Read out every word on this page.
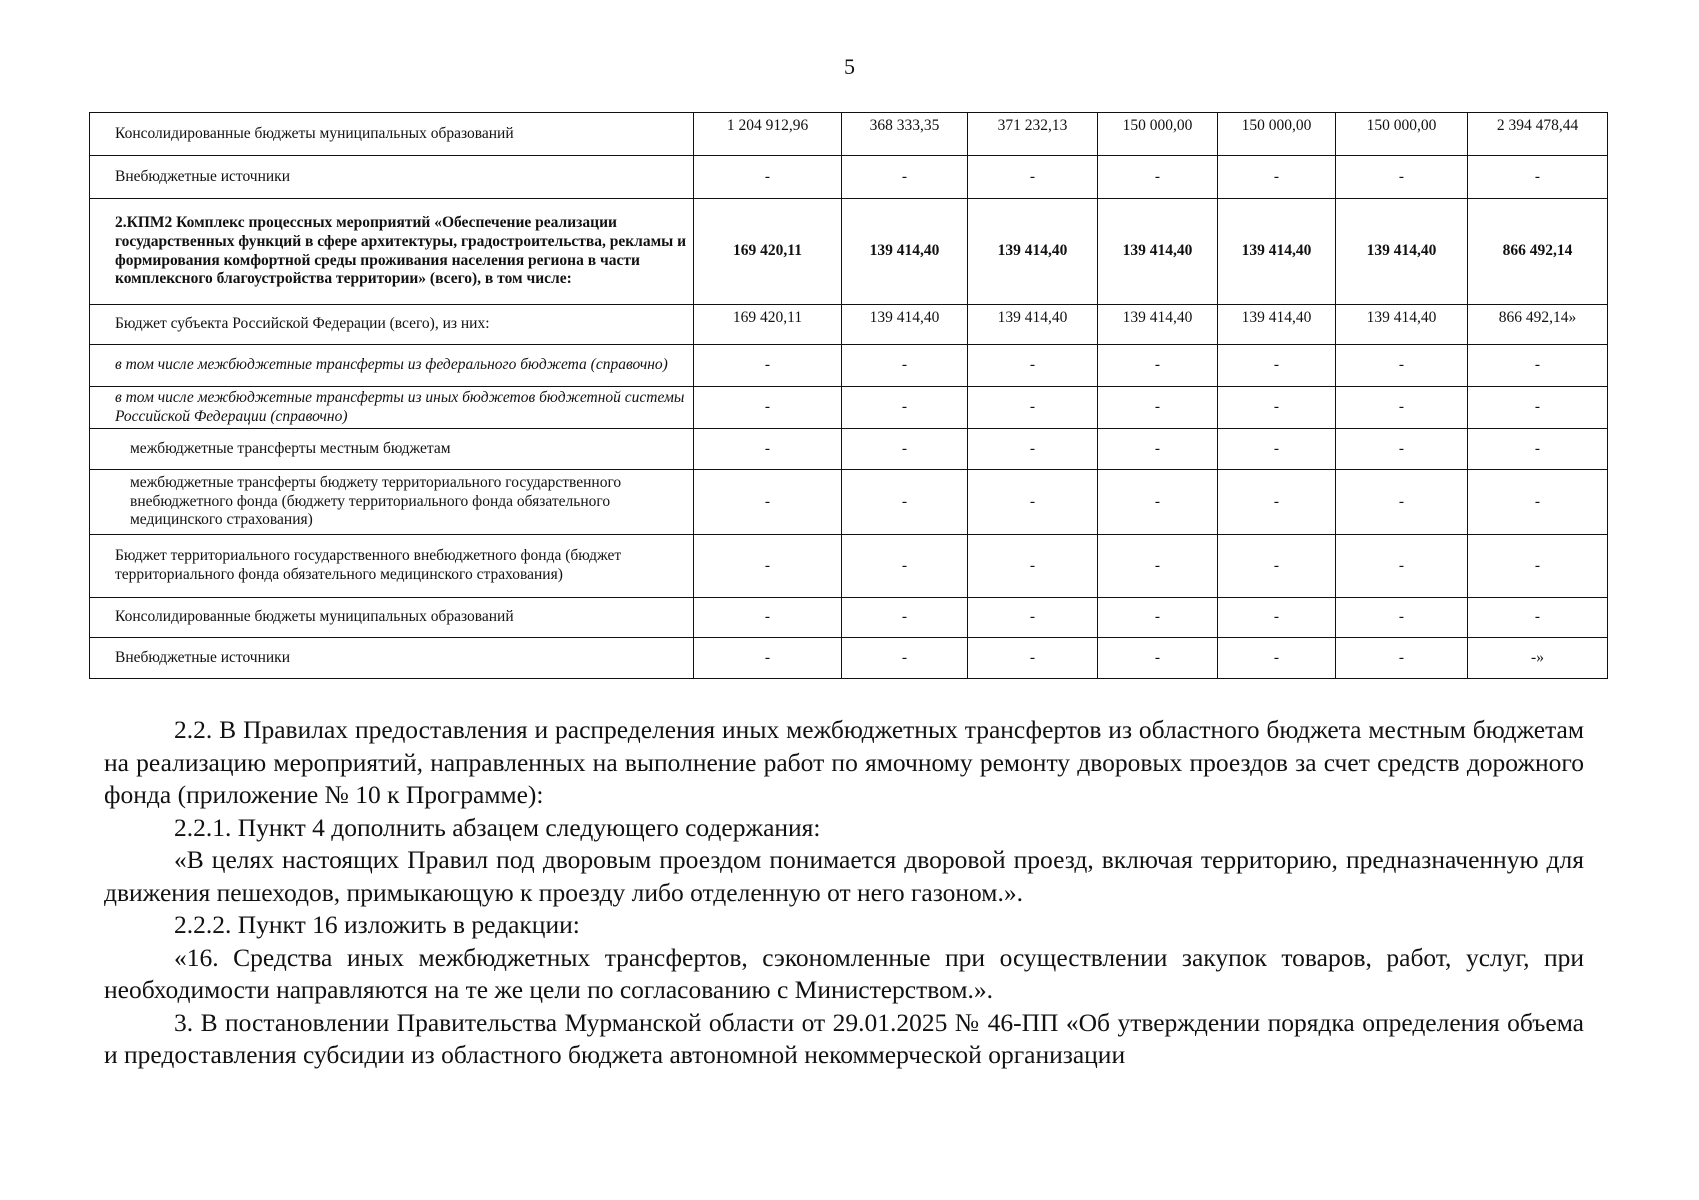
5
Консолидированные бюджеты муниципальных образований	1 204 912,96	368 333,35	371 232,13	150 000,00	150 000,00	150 000,00	2 394 478,44
Внебюджетные источники	-	-	-	-	-	-	-
2.КПМ2 Комплекс процессных мероприятий «Обеспечение реализации государственных функций в сфере архитектуры, градостроительства, рекламы и формирования комфортной среды проживания населения региона в части комплексного благоустройства территории» (всего), в том числе:	169 420,11	139 414,40	139 414,40	139 414,40	139 414,40	139 414,40	866 492,14
Бюджет субъекта Российской Федерации (всего), из них:	169 420,11	139 414,40	139 414,40	139 414,40	139 414,40	139 414,40	866 492,14»
в том числе межбюджетные трансферты из федерального бюджета (справочно)	-	-	-	-	-	-	-
в том числе межбюджетные трансферты из иных бюджетов бюджетной системы Российской Федерации (справочно)	-	-	-	-	-	-	-
межбюджетные трансферты местным бюджетам	-	-	-	-	-	-	-
межбюджетные трансферты бюджету территориального государственного внебюджетного фонда (бюджету территориального фонда обязательного медицинского страхования)	-	-	-	-	-	-	-
Бюджет территориального государственного внебюджетного фонда (бюджет территориального фонда обязательного медицинского страхования)	-	-	-	-	-	-	-
Консолидированные бюджеты муниципальных образований	-	-	-	-	-	-	-
Внебюджетные источники	-	-	-	-	-	-	-»

2.2. В Правилах предоставления и распределения иных межбюджетных трансфертов из областного бюджета местным бюджетам на реализацию мероприятий, направленных на выполнение работ по ямочному ремонту дворовых проездов за счет средств дорожного фонда (приложение № 10 к Программе):

2.2.1. Пункт 4 дополнить абзацем следующего содержания:

«В целях настоящих Правил под дворовым проездом понимается дворовой проезд, включая территорию, предназначенную для движения пешеходов, примыкающую к проезду либо отделенную от него газоном.».

2.2.2. Пункт 16 изложить в редакции:

«16. Средства иных межбюджетных трансфертов, сэкономленные при осуществлении закупок товаров, работ, услуг, при необходимости направляются на те же цели по согласованию с Министерством.».

3. В постановлении Правительства Мурманской области от 29.01.2025 № 46-ПП «Об утверждении порядка определения объема и предоставления субсидии из областного бюджета автономной некоммерческой организации
